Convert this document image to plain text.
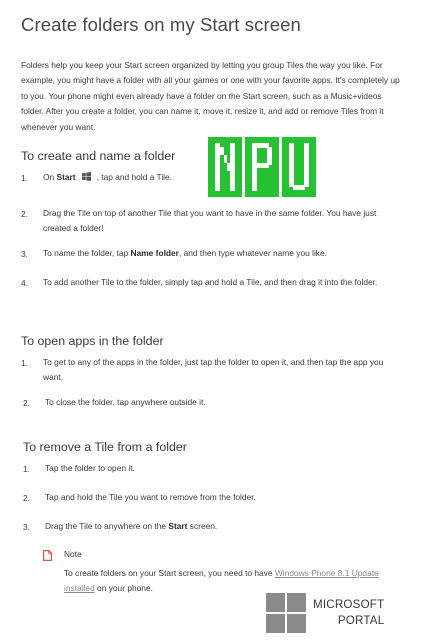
Create folders on my Start screen
Folders help you keep your Start screen organized by letting you group Tiles the way you like. For example, you might have a folder with all your games or one with your favorite apps. It's completely up to you. Your phone might even already have a folder on the Start screen, such as a Music+videos folder. After you create a folder, you can name it, move it, resize it, and add or remove Tiles from it whenever you want.
To create and name a folder
1. On Start	, tap and hold a Tile.
2. Drag the Tile on top of another Tile that you want to have in the same folder. You have just created a folder!
3. To name the folder, tap Name folder, and then type whatever name you like.
4. To add another Tile to the folder, simply tap and hold a Tile, and then drag it into the folder.
To open apps in the folder
1. To get to any of the apps in the folder, just tap the folder to open it, and then tap the app you want.
2. To close the folder, tap anywhere outside it.
To remove a Tile from a folder
1. Tap the folder to open it.
2. Tap and hold the Tile you want to remove from the folder.
3. Drag the Tile to anywhere on the Start screen.
Note
To create folders on your Start screen, you need to have Windows Phone 8.1 Update installed on your phone.
MICROSOFT
PORTAL
